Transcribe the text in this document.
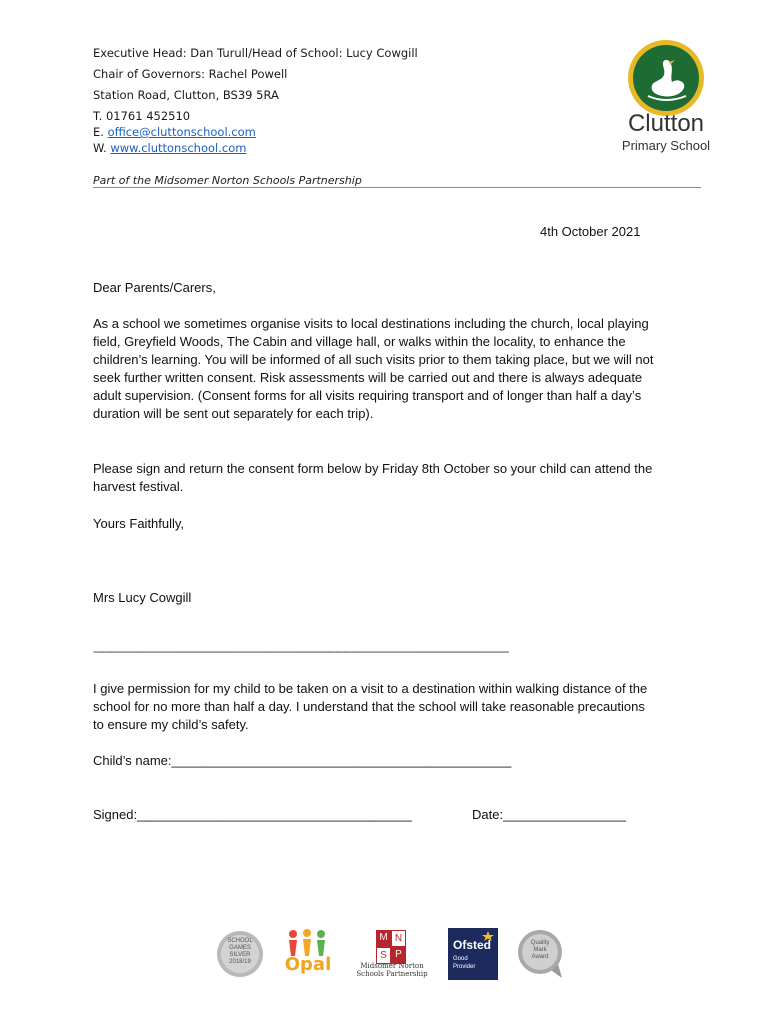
Executive Head: Dan Turull/Head of School: Lucy Cowgill
Chair of Governors: Rachel Powell
Station Road, Clutton, BS39 5RA
T. 01761 452510
E. office@cluttonschool.com
W. www.cluttonschool.com
Part of the Midsomer Norton Schools Partnership
Clutton
Primary School
4th October 2021
Dear Parents/Carers,
As a school we sometimes organise visits to local destinations including the church, local playing field, Greyfield Woods, The Cabin and village hall, or walks within the locality, to enhance the children’s learning. You will be informed of all such visits prior to them taking place, but we will not seek further written consent. Risk assessments will be carried out and there is always adequate adult supervision. (Consent forms for all visits requiring transport and of longer than half a day’s duration will be sent out separately for each trip).
Please sign and return the consent form below by Friday 8th October so your child can attend the harvest festival.
Yours Faithfully,
Mrs Lucy Cowgill
------------------------------------------------------------------------------------------------------------------------------------------------------------
I give permission for my child to be taken on a visit to a destination within walking distance of the school for no more than half a day. I understand that the school will take reasonable precautions to ensure my child’s safety.
Child’s name:_______________________________________________
Signed:______________________________________	Date:_________________
SCHOOL
GAMES
SILVER
2018/19	Opal
M N
S P
Midsomer Norton
Schools Partnership
Ofsted
Good
Provider
Quality
Mark
Award
